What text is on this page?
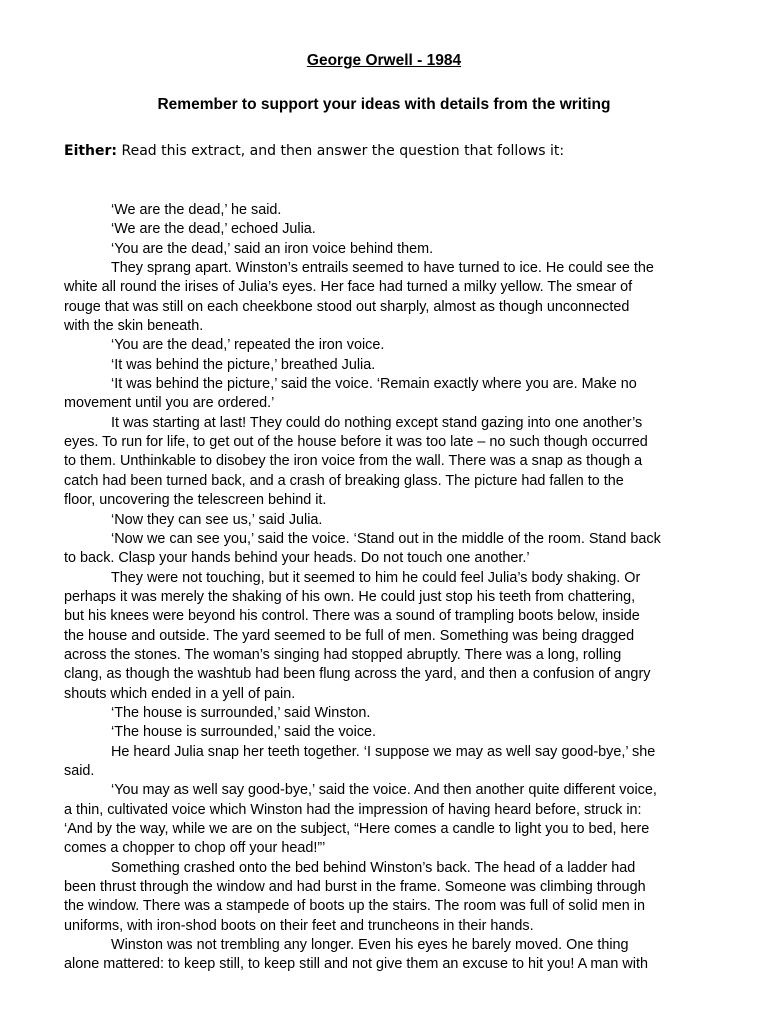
George Orwell - 1984
Remember to support your ideas with details from the writing
Either: Read this extract, and then answer the question that follows it:

‘We are the dead,’ he said.

‘We are the dead,’ echoed Julia.

‘You are the dead,’ said an iron voice behind them.

They sprang apart. Winston’s entrails seemed to have turned to ice. He could see the
white all round the irises of Julia’s eyes. Her face had turned a milky yellow. The smear of
rouge that was still on each cheekbone stood out sharply, almost as though unconnected
with the skin beneath.

‘You are the dead,’ repeated the iron voice.

‘It was behind the picture,’ breathed Julia.

‘It was behind the picture,’ said the voice. ‘Remain exactly where you are. Make no
movement until you are ordered.’

It was starting at last! They could do nothing except stand gazing into one another’s
eyes. To run for life, to get out of the house before it was too late – no such though occurred
to them. Unthinkable to disobey the iron voice from the wall. There was a snap as though a
catch had been turned back, and a crash of breaking glass. The picture had fallen to the
floor, uncovering the telescreen behind it.

‘Now they can see us,’ said Julia.

‘Now we can see you,’ said the voice. ‘Stand out in the middle of the room. Stand back
to back. Clasp your hands behind your heads. Do not touch one another.’

They were not touching, but it seemed to him he could feel Julia’s body shaking. Or
perhaps it was merely the shaking of his own. He could just stop his teeth from chattering,
but his knees were beyond his control. There was a sound of trampling boots below, inside
the house and outside. The yard seemed to be full of men. Something was being dragged
across the stones. The woman’s singing had stopped abruptly. There was a long, rolling
clang, as though the washtub had been flung across the yard, and then a confusion of angry
shouts which ended in a yell of pain.

‘The house is surrounded,’ said Winston.

‘The house is surrounded,’ said the voice.

He heard Julia snap her teeth together. ‘I suppose we may as well say good-bye,’ she
said.

‘You may as well say good-bye,’ said the voice. And then another quite different voice,
a thin, cultivated voice which Winston had the impression of having heard before, struck in:
‘And by the way, while we are on the subject, “Here comes a candle to light you to bed, here
comes a chopper to chop off your head!”’

Something crashed onto the bed behind Winston’s back. The head of a ladder had
been thrust through the window and had burst in the frame. Someone was climbing through
the window. There was a stampede of boots up the stairs. The room was full of solid men in
uniforms, with iron-shod boots on their feet and truncheons in their hands.

Winston was not trembling any longer. Even his eyes he barely moved. One thing
alone mattered: to keep still, to keep still and not give them an excuse to hit you! A man with
